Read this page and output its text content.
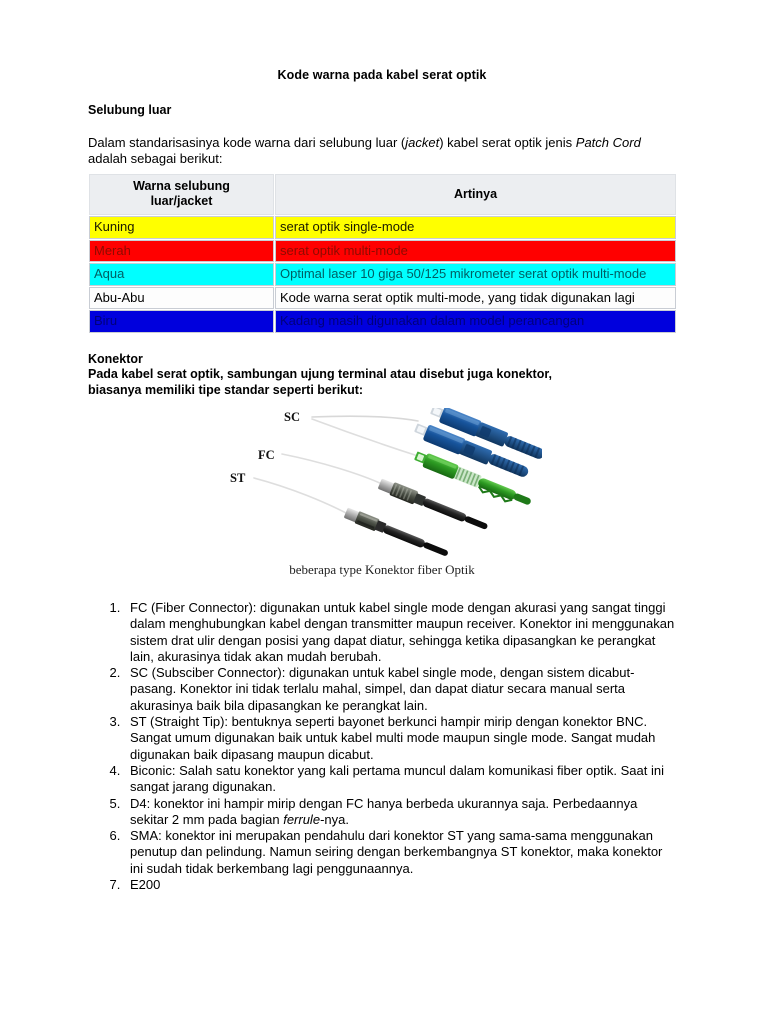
Kode warna pada kabel serat optik
Selubung luar

Dalam standarisasinya kode warna dari selubung luar (jacket) kabel serat optik jenis Patch Cord adalah sebagai berikut:

Warna selubung
luar/jacket	Artinya
Kuning	serat optik single-mode
Merah	serat optik multi-mode
Aqua	Optimal laser 10 giga 50/125 mikrometer serat optik multi-mode
Abu-Abu	Kode warna serat optik multi-mode, yang tidak digunakan lagi
Biru	Kadang masih digunakan dalam model perancangan
Konektor
Pada kabel serat optik, sambungan ujung terminal atau disebut juga konektor,
biasanya memiliki tipe standar seperti berikut:
SC
FC
ST
beberapa type Konektor fiber Optik
1. FC (Fiber Connector): digunakan untuk kabel single mode dengan akurasi yang sangat tinggi dalam menghubungkan kabel dengan transmitter maupun receiver. Konektor ini menggunakan sistem drat ulir dengan posisi yang dapat diatur, sehingga ketika dipasangkan ke perangkat lain, akurasinya tidak akan mudah berubah.
2. SC (Subsciber Connector): digunakan untuk kabel single mode, dengan sistem dicabut-pasang. Konektor ini tidak terlalu mahal, simpel, dan dapat diatur secara manual serta akurasinya baik bila dipasangkan ke perangkat lain.
3. ST (Straight Tip): bentuknya seperti bayonet berkunci hampir mirip dengan konektor BNC. Sangat umum digunakan baik untuk kabel multi mode maupun single mode. Sangat mudah digunakan baik dipasang maupun dicabut.
4. Biconic: Salah satu konektor yang kali pertama muncul dalam komunikasi fiber optik. Saat ini sangat jarang digunakan.
5. D4: konektor ini hampir mirip dengan FC hanya berbeda ukurannya saja. Perbedaannya sekitar 2 mm pada bagian ferrule-nya.
6. SMA: konektor ini merupakan pendahulu dari konektor ST yang sama-sama menggunakan penutup dan pelindung. Namun seiring dengan berkembangnya ST konektor, maka konektor ini sudah tidak berkembang lagi penggunaannya.
7. E200
